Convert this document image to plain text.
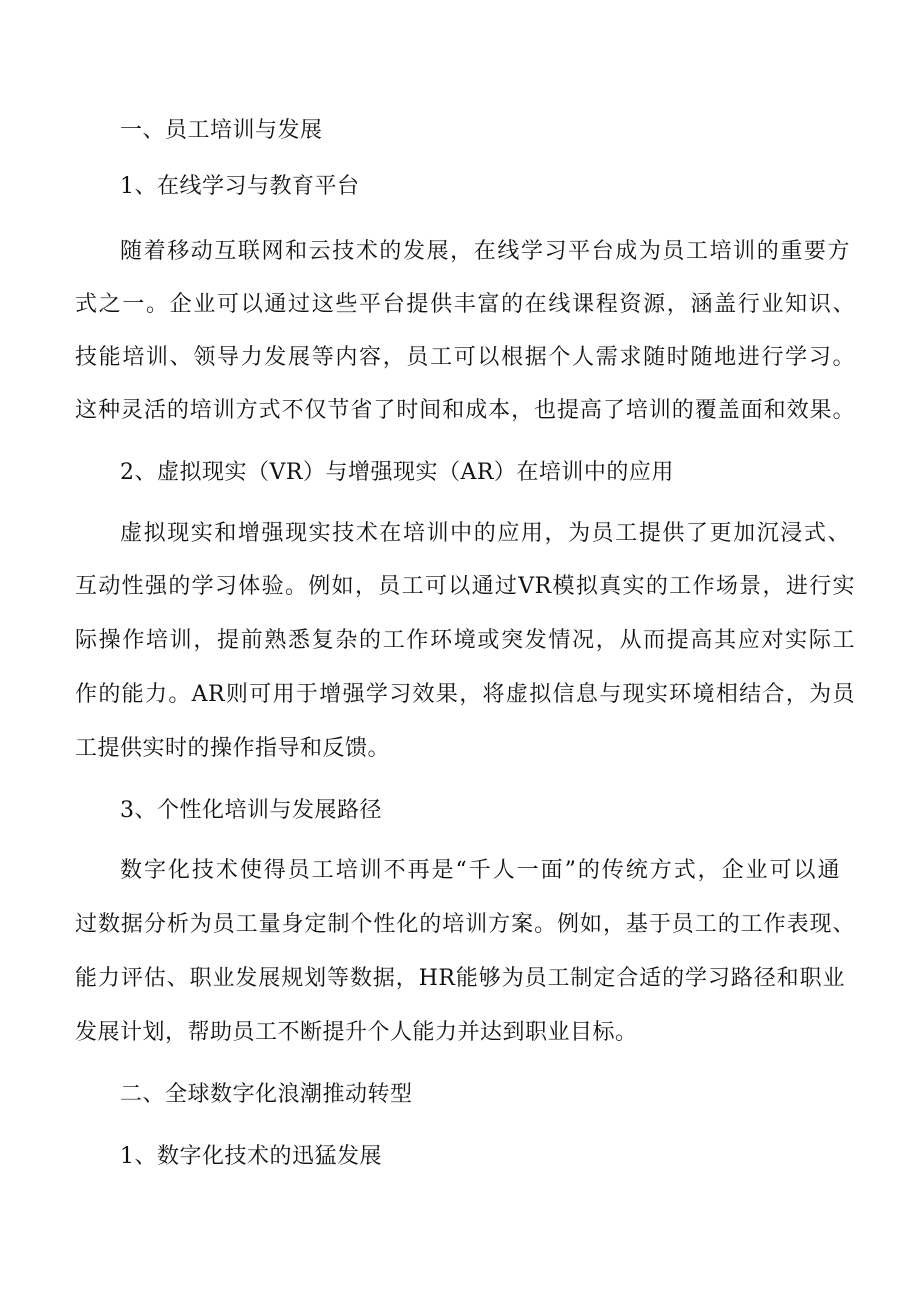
一、员工培训与发展
1、在线学习与教育平台
随着移动互联网和云技术的发展，在线学习平台成为员工培训的重要方
式之一。企业可以通过这些平台提供丰富的在线课程资源，涵盖行业知识、
技能培训、领导力发展等内容，员工可以根据个人需求随时随地进行学习。
这种灵活的培训方式不仅节省了时间和成本，也提高了培训的覆盖面和效果。
2、虚拟现实（VR）与增强现实（AR）在培训中的应用
虚拟现实和增强现实技术在培训中的应用，为员工提供了更加沉浸式、
互动性强的学习体验。例如，员工可以通过VR模拟真实的工作场景，进行实
际操作培训，提前熟悉复杂的工作环境或突发情况，从而提高其应对实际工
作的能力。AR则可用于增强学习效果，将虚拟信息与现实环境相结合，为员
工提供实时的操作指导和反馈。
3、个性化培训与发展路径
数字化技术使得员工培训不再是“千人一面”的传统方式，企业可以通
过数据分析为员工量身定制个性化的培训方案。例如，基于员工的工作表现、
能力评估、职业发展规划等数据，HR能够为员工制定合适的学习路径和职业
发展计划，帮助员工不断提升个人能力并达到职业目标。
二、全球数字化浪潮推动转型
1、数字化技术的迅猛发展
